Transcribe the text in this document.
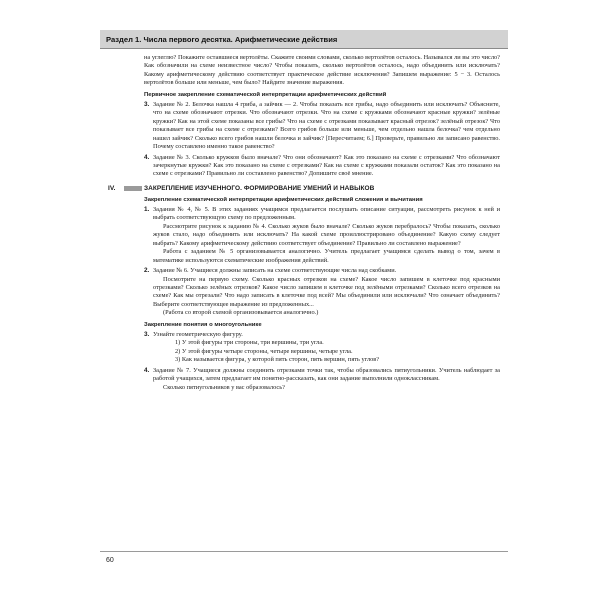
Раздел 1. Числа первого десятка. Арифметические действия

на углеглю? Покажите оставшиеся вертолёты. Скажите своими словами, сколько вертолётов осталось. Назывался ли вы это число? Как обозначили на схеме неизвестное число? Чтобы показать, сколько вертолётов осталось, надо объединить или исключать? Какому арифметическому действию соответствует практическое действие исключения? Запишем выражение: 5 − 3. Осталось вертолётов больше или меньше, чем было? Найдите значение выражения.

Первичное закрепление схематической интерпретации арифметических действий
3. Задание № 2. Белочка нашла 4 гриба, а зайчик — 2. Чтобы показать все грибы, надо объединить или исключать? Объясните, что на схеме обозначают отрезки. Что обозначают отрезки. Что на схеме с кружками обозначают красные кружки? зелёные кружки? Как на этой схеме показаны все грибы? Что на схеме с отрезками показывает красный отрезок? зелёный отрезок? Что показывает все грибы на схеме с отрезками? Всего грибов больше или меньше, чем отдельно нашла белочка? чем отдельно нашел зайчик? Сколько всего грибов нашли белочка и зайчик? [Пересчитаем; 6.] Проверьте, правильно ли записано равенство. Почему составлено именно такое равенство?

4. Задание № 3. Сколько кружков было вначале? Что они обозначают? Как это показано на схеме с отрезками? Что обозначают зачеркнутые кружки? Как это показано на схеме с отрезками? Как на схеме с кружками показали остаток? Как это показано на схеме с отрезками? Правильно ли составлено равенство? Допишите своё мнение.

IV.	ЗАКРЕПЛЕНИЕ ИЗУЧЕННОГО. ФОРМИРОВАНИЕ УМЕНИЙ И НАВЫКОВ
Закрепление схематической интерпретации арифметических действий сложения и вычитания
1. Задания № 4, № 5. В этих заданиях учащимся предлагается послушать описание ситуации, рассмотреть рисунок к ней и выбрать соответствующую схему по предложенным.

Рассмотрите рисунок к заданию № 4. Сколько жуков было вначале? Сколько жуков перебралось? Чтобы показать, сколько жуков стало, надо объединить или исключать? На какой схеме проиллюстрировано объединение? Какую схему следует выбрать? Какому арифметическому действию соответствует объединение? Правильно ли составлено выражение?

Работа с заданием № 5 организовывается аналогично. Учитель предлагает учащимся сделать вывод о том, зачем в математике используются схематические изображения действий.

2. Задание № 6. Учащиеся должны записать на схеме соответствующие числа над скобками.

Посмотрите на первую схему. Сколько красных отрезков на схеме? Какое число запишем в клеточке под красными отрезками? Сколько зелёных отрезков? Какое число запишем в клеточке под зелёными отрезками? Сколько всего отрезков на схеме? Как мы отрезали? Что надо записать в клеточке под всей? Мы объединили или исключали? Что означает объединить? Выберите соответствующее выражение из предложенных...

(Работа со второй схемой организовывается аналогично.)

Закрепление понятия о многоугольнике
3. Узнайте геометрическую фигуру.

1) У этой фигуры три стороны, три вершины, три угла.

2) У этой фигуры четыре стороны, четыре вершины, четыре угла.

3) Как называется фигура, у которой пять сторон, пять вершин, пять углов?

4. Задание № 7. Учащиеся должны соединить отрезками точки так, чтобы образовались пятиугольники. Учитель наблюдает за работой учащихся, затем предлагает им понятно-рассказать, как они задание выполнили одноклассникам.

Сколько пятиугольников у вас образовалось?

60
